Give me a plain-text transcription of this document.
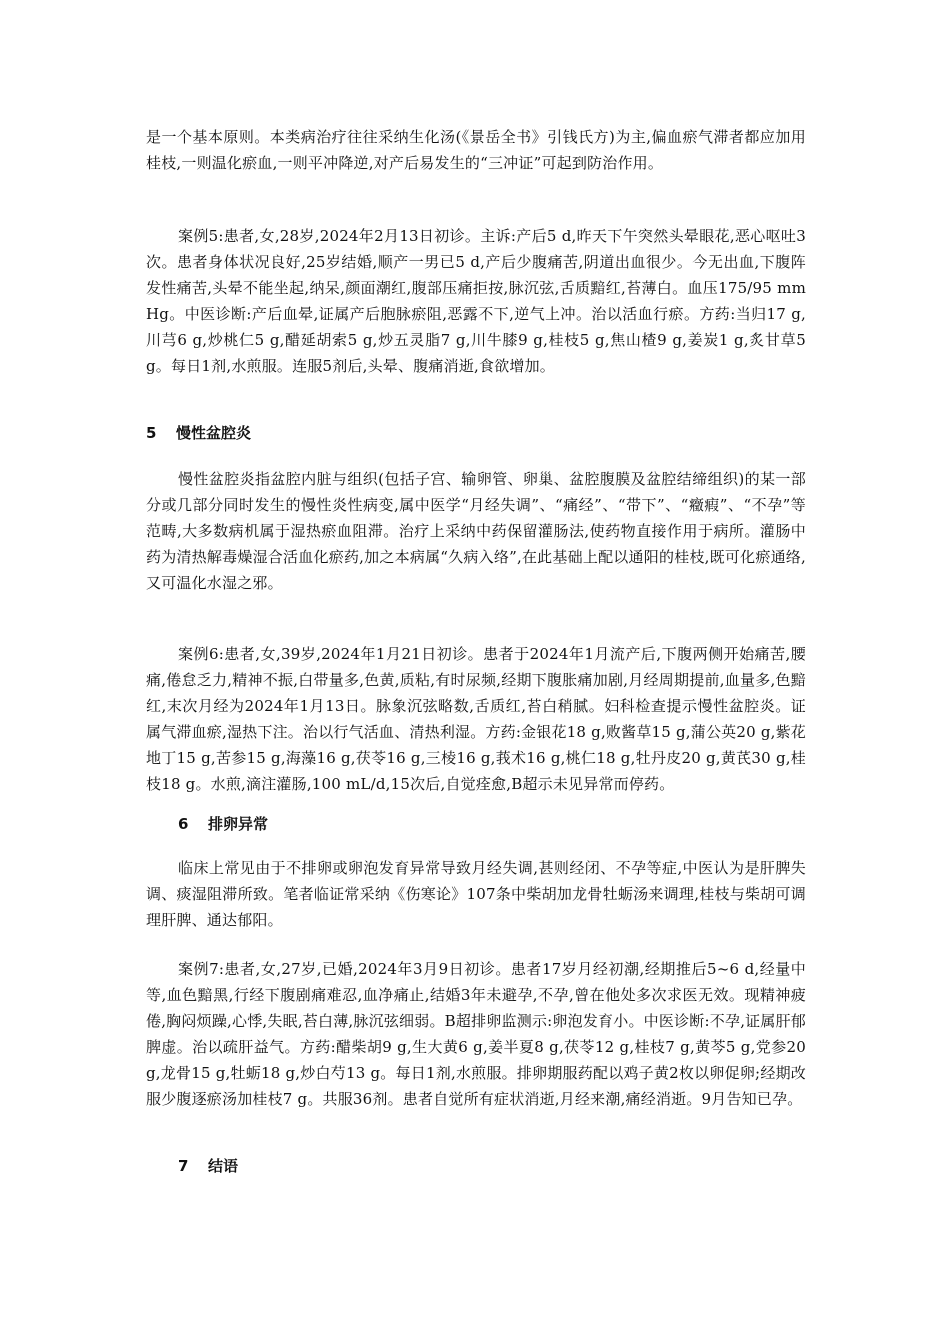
是一个基本原则。本类病治疗往往采纳生化汤(《景岳全书》引钱氏方)为主,偏血瘀气滞者都应加用桂枝,一则温化瘀血,一则平冲降逆,对产后易发生的“三冲证”可起到防治作用。

案例5:患者,女,28岁,2024年2月13日初诊。主诉:产后5 d,昨天下午突然头晕眼花,恶心呕吐3次。患者身体状况良好,25岁结婚,顺产一男已5 d,产后少腹痛苦,阴道出血很少。今无出血,下腹阵发性痛苦,头晕不能坐起,纳呆,颜面潮红,腹部压痛拒按,脉沉弦,舌质黯红,苔薄白。血压175/95 mm Hg。中医诊断:产后血晕,证属产后胞脉瘀阻,恶露不下,逆气上冲。治以活血行瘀。方药:当归17 g,川芎6 g,炒桃仁5 g,醋延胡索5 g,炒五灵脂7 g,川牛膝9 g,桂枝5 g,焦山楂9 g,姜炭1 g,炙甘草5 g。每日1剂,水煎服。连服5剂后,头晕、腹痛消逝,食欲增加。

5 慢性盆腔炎

慢性盆腔炎指盆腔内脏与组织(包括子宫、输卵管、卵巢、盆腔腹膜及盆腔结缔组织)的某一部分或几部分同时发生的慢性炎性病变,属中医学“月经失调”、“痛经”、“带下”、“癥瘕”、“不孕”等范畴,大多数病机属于湿热瘀血阻滞。治疗上采纳中药保留灌肠法,使药物直接作用于病所。灌肠中药为清热解毒燥湿合活血化瘀药,加之本病属“久病入络”,在此基础上配以通阳的桂枝,既可化瘀通络,又可温化水湿之邪。

案例6:患者,女,39岁,2024年1月21日初诊。患者于2024年1月流产后,下腹两侧开始痛苦,腰痛,倦怠乏力,精神不振,白带量多,色黄,质粘,有时尿频,经期下腹胀痛加剧,月经周期提前,血量多,色黯红,末次月经为2024年1月13日。脉象沉弦略数,舌质红,苔白稍腻。妇科检查提示慢性盆腔炎。证属气滞血瘀,湿热下注。治以行气活血、清热利湿。方药:金银花18 g,败酱草15 g,蒲公英20 g,紫花地丁15 g,苦参15 g,海藻16 g,茯苓16 g,三棱16 g,莪术16 g,桃仁18 g,牡丹皮20 g,黄芪30 g,桂枝18 g。水煎,滴注灌肠,100 mL/d,15次后,自觉痊愈,B超示未见异常而停药。

6 排卵异常

临床上常见由于不排卵或卵泡发育异常导致月经失调,甚则经闭、不孕等症,中医认为是肝脾失调、痰湿阻滞所致。笔者临证常采纳《伤寒论》107条中柴胡加龙骨牡蛎汤来调理,桂枝与柴胡可调理肝脾、通达郁阳。

案例7:患者,女,27岁,已婚,2024年3月9日初诊。患者17岁月经初潮,经期推后5~6 d,经量中等,血色黯黑,行经下腹剧痛难忍,血净痛止,结婚3年未避孕,不孕,曾在他处多次求医无效。现精神疲倦,胸闷烦躁,心悸,失眠,苔白薄,脉沉弦细弱。B超排卵监测示:卵泡发育小。中医诊断:不孕,证属肝郁脾虚。治以疏肝益气。方药:醋柴胡9 g,生大黄6 g,姜半夏8 g,茯苓12 g,桂枝7 g,黄芩5 g,党参20 g,龙骨15 g,牡蛎18 g,炒白芍13 g。每日1剂,水煎服。排卵期服药配以鸡子黄2枚以卵促卵;经期改服少腹逐瘀汤加桂枝7 g。共服36剂。患者自觉所有症状消逝,月经来潮,痛经消逝。9月告知已孕。

7 结语
